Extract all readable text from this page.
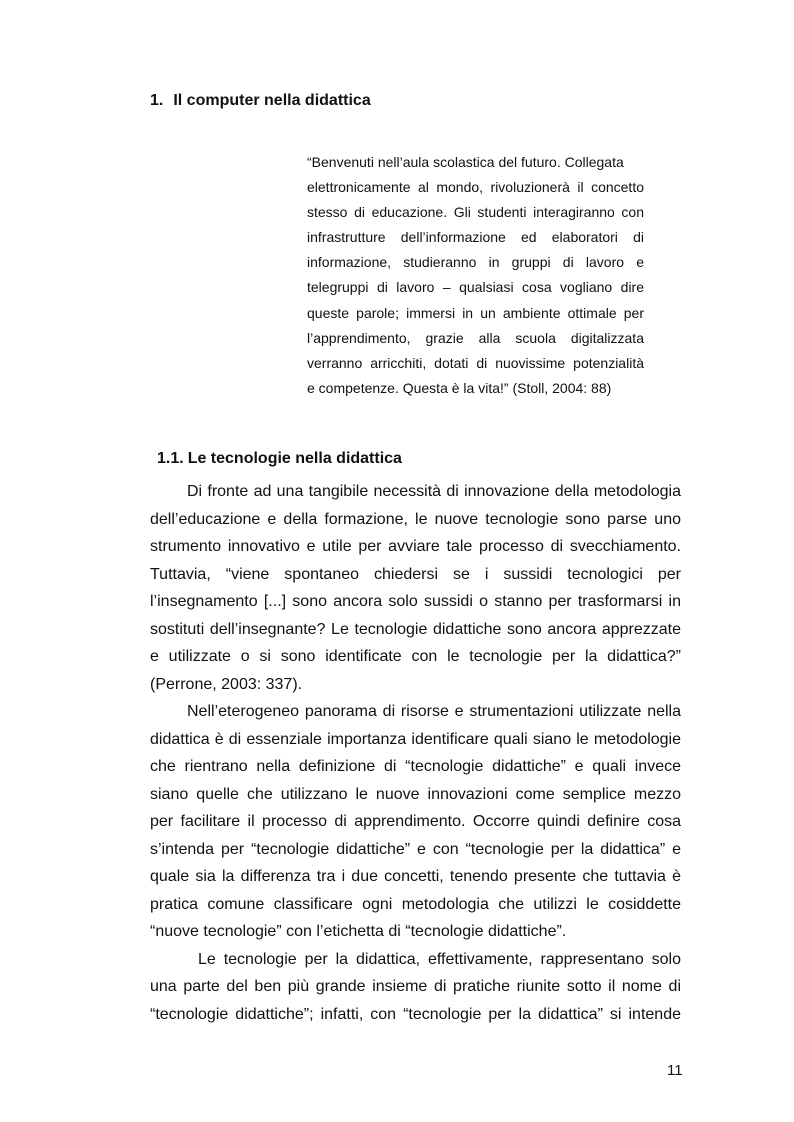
1. Il computer nella didattica
“Benvenuti nell’aula scolastica del futuro. Collegata
elettronicamente al mondo, rivoluzionerà il concetto
stesso di educazione. Gli studenti interagiranno con
infrastrutture dell’informazione ed elaboratori di
informazione, studieranno in gruppi di lavoro e
telegruppi di lavoro – qualsiasi cosa vogliano dire
queste parole; immersi in un ambiente ottimale per
l’apprendimento, grazie alla scuola digitalizzata
verranno arricchiti, dotati di nuovissime potenzialità
e competenze. Questa è la vita!” (Stoll, 2004: 88)
1.1. Le tecnologie nella didattica
Di fronte ad una tangibile necessità di innovazione della metodologia
dell’educazione e della formazione, le nuove tecnologie sono parse uno
strumento innovativo e utile per avviare tale processo di svecchiamento.
Tuttavia, “viene spontaneo chiedersi se i sussidi tecnologici per
l’insegnamento [...] sono ancora solo sussidi o stanno per trasformarsi in
sostituti dell’insegnante? Le tecnologie didattiche sono ancora apprezzate
e utilizzate o si sono identificate con le tecnologie per la didattica?”
(Perrone, 2003: 337).
Nell’eterogeneo panorama di risorse e strumentazioni utilizzate nella
didattica è di essenziale importanza identificare quali siano le metodologie
che rientrano nella definizione di “tecnologie didattiche” e quali invece
siano quelle che utilizzano le nuove innovazioni come semplice mezzo
per facilitare il processo di apprendimento. Occorre quindi definire cosa
s’intenda per “tecnologie didattiche” e con “tecnologie per la didattica” e
quale sia la differenza tra i due concetti, tenendo presente che tuttavia è
pratica comune classificare ogni metodologia che utilizzi le cosiddette
“nuove tecnologie” con l’etichetta di “tecnologie didattiche”.
Le tecnologie per la didattica, effettivamente, rappresentano solo
una parte del ben più grande insieme di pratiche riunite sotto il nome di
“tecnologie didattiche”; infatti, con “tecnologie per la didattica” si intende
11
